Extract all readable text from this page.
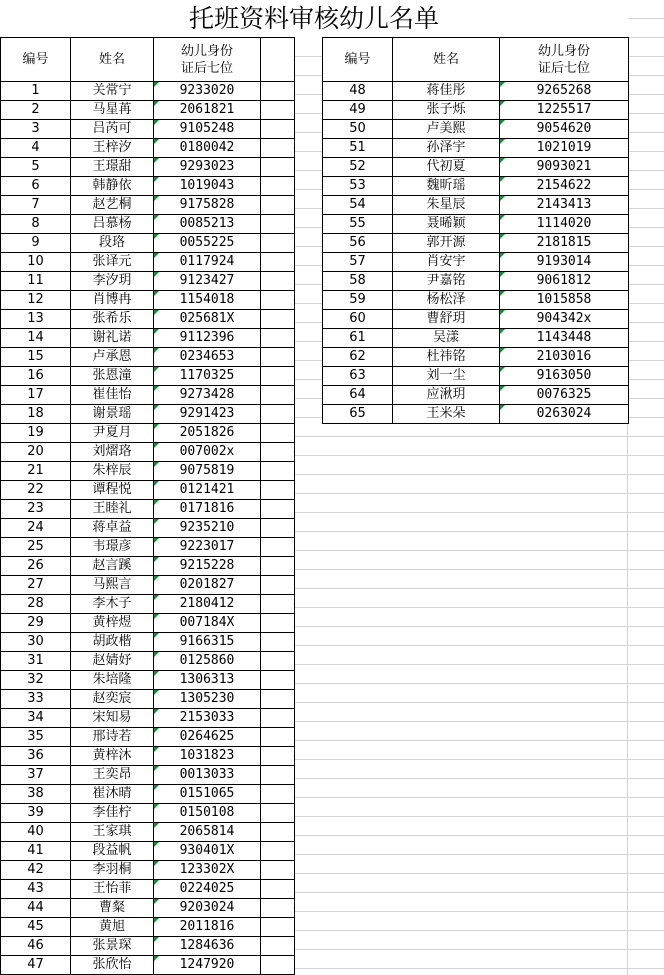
托班资料审核幼儿名单
编号	姓名	幼儿身份
证后七位	
1	关常宁	9233020	
2	马星苒	2061821	
3	吕芮可	9105248	
4	王梓汐	0180042	
5	王璟甜	9293023	
6	韩静依	1019043	
7	赵艺桐	9175828	
8	吕慕杨	0085213	
9	段珞	0055225	
10	张译元	0117924	
11	李汐玥	9123427	
12	肖博冉	1154018	
13	张希乐	025681X	
14	谢礼诺	9112396	
15	卢承恩	0234653	
16	张恩潼	1170325	
17	崔佳怡	9273428	
18	谢景瑶	9291423	
19	尹夏月	2051826	
20	刘熠珞	007002x	
21	朱梓辰	9075819	
22	谭程悦	0121421	
23	王睦礼	0171816	
24	蒋卓益	9235210	
25	韦璟彦	9223017	
26	赵言蹊	9215228	
27	马熙言	0201827	
28	李木子	2180412	
29	黄梓煜	007184X	
30	胡政楷	9166315	
31	赵婧妤	0125860	
32	朱培隆	1306313	
33	赵奕宸	1305230	
34	宋知易	2153033	
35	邢诗若	0264625	
36	黄梓沐	1031823	
37	王奕昂	0013033	
38	崔沐晴	0151065	
39	李佳柠	0150108	
40	王家琪	2065814	
41	段益帆	930401X	
42	李羽桐	123302X	
43	王怡菲	0224025	
44	曹粲	9203024	
45	黄旭	2011816	
46	张景琛	1284636	
47	张欣怡	1247920	
编号	姓名	幼儿身份
证后七位
48	蒋佳彤	9265268
49	张子烁	1225517
50	卢美熙	9054620
51	孙泽宇	1021019
52	代初夏	9093021
53	魏昕瑶	2154622
54	朱星辰	2143413
55	聂晞颖	1114020
56	郭开源	2181815
57	肖安宇	9193014
58	尹嘉铭	9061812
59	杨松泽	1015858
60	曹舒玥	904342x
61	吴漾	1143448
62	杜祎铭	2103016
63	刘一尘	9163050
64	应湫玥	0076325
65	王米朵	0263024
